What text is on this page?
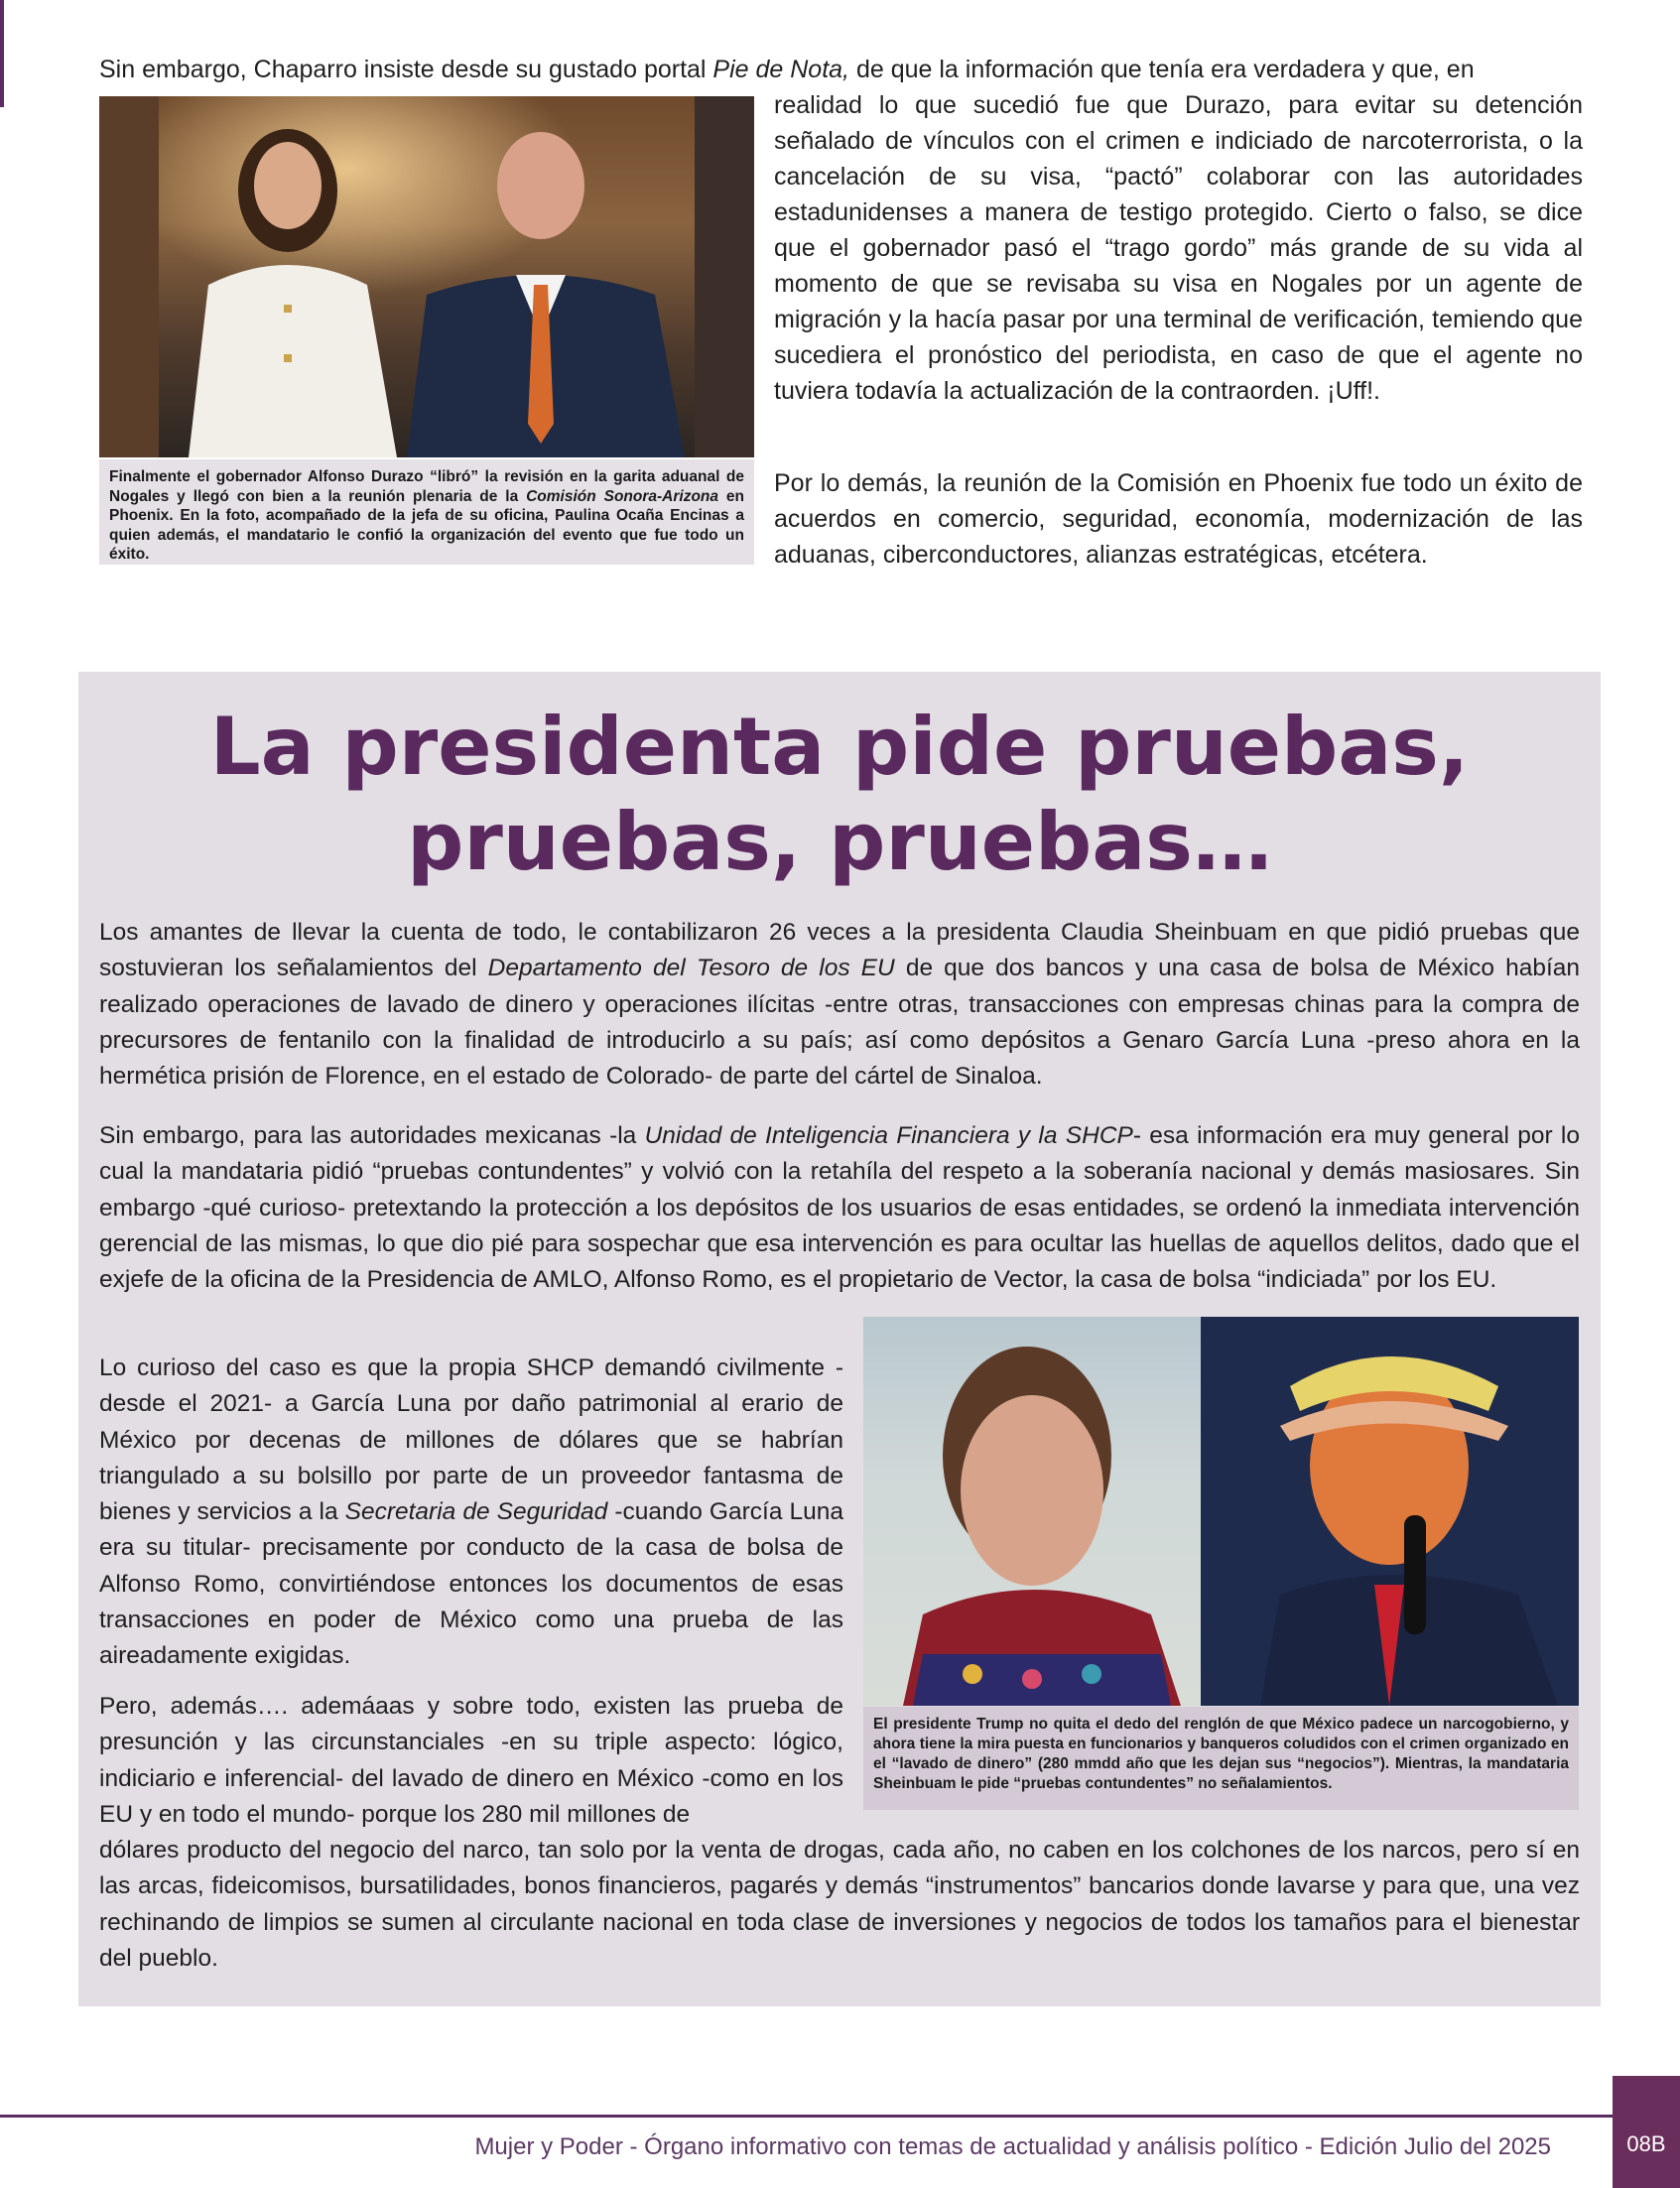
Sin embargo, Chaparro insiste desde su gustado portal Pie de Nota, de que la información que tenía era verdadera y que, en

Finalmente el gobernador Alfonso Durazo “libró” la revisión en la garita aduanal de Nogales y llegó con bien a la reunión plenaria de la Comisión Sonora-Arizona en Phoenix. En la foto, acompañado de la jefa de su oficina, Paulina Ocaña Encinas a quien además, el mandatario le confió la organización del evento que fue todo un éxito.

realidad lo que sucedió fue que Durazo, para evitar su detención señalado de vínculos con el crimen e indiciado de narcoterrorista, o la cancelación de su visa, “pactó” colaborar con las autoridades estadunidenses a manera de testigo protegido. Cierto o falso, se dice que el gobernador pasó el “trago gordo” más grande de su vida al momento de que se revisaba su visa en Nogales por un agente de migración y la hacía pasar por una terminal de verificación, temiendo que sucediera el pronóstico del periodista, en caso de que el agente no tuviera todavía la actualización de la contraorden. ¡Uff!.

Por lo demás, la reunión de la Comisión en Phoenix fue todo un éxito de acuerdos en comercio, seguridad, economía, modernización de las aduanas, ciberconductores, alianzas estratégicas, etcétera.

La presidenta pide pruebas,
pruebas, pruebas…

Los amantes de llevar la cuenta de todo, le contabilizaron 26 veces a la presidenta Claudia Sheinbuam en que pidió pruebas que sostuvieran los señalamientos del Departamento del Tesoro de los EU de que dos bancos y una casa de bolsa de México habían realizado operaciones de lavado de dinero y operaciones ilícitas -entre otras, transacciones con empresas chinas para la compra de precursores de fentanilo con la finalidad de introducirlo a su país; así como depósitos a Genaro García Luna -preso ahora en la hermética prisión de Florence, en el estado de Colorado- de parte del cártel de Sinaloa.

Sin embargo, para las autoridades mexicanas -la Unidad de Inteligencia Financiera y la SHCP- esa información era muy general por lo cual la mandataria pidió “pruebas contundentes” y volvió con la retahíla del respeto a la soberanía nacional y demás masiosares. Sin embargo -qué curioso- pretextando la protección a los depósitos de los usuarios de esas entidades, se ordenó la inmediata intervención gerencial de las mismas, lo que dio pié para sospechar que esa intervención es para ocultar las huellas de aquellos delitos, dado que el exjefe de la oficina de la Presidencia de AMLO, Alfonso Romo, es el propietario de Vector, la casa de bolsa “indiciada” por los EU.

Lo curioso del caso es que la propia SHCP demandó civilmente -desde el 2021- a García Luna por daño patrimonial al erario de México por decenas de millones de dólares que se habrían triangulado a su bolsillo por parte de un proveedor fantasma de bienes y servicios a la Secretaria de Seguridad -cuando García Luna era su titular- precisamente por conducto de la casa de bolsa de Alfonso Romo, convirtiéndose entonces los documentos de esas transacciones en poder de México como una prueba de las aireadamente exigidas.

Pero, además…. ademáaas y sobre todo, existen las prueba de presunción y las circunstanciales -en su triple aspecto: lógico, indiciario e inferencial- del lavado de dinero en México -como en los EU y en todo el mundo- porque los 280 mil millones de

dólares producto del negocio del narco, tan solo por la venta de drogas, cada año, no caben en los colchones de los narcos, pero sí en las arcas, fideicomisos, bursatilidades, bonos financieros, pagarés y demás “instrumentos” bancarios donde lavarse y para que, una vez rechinando de limpios se sumen al circulante nacional en toda clase de inversiones y negocios de todos los tamaños para el bienestar del pueblo.

El presidente Trump no quita el dedo del renglón de que México padece un narcogobierno, y ahora tiene la mira puesta en funcionarios y banqueros coludidos con el crimen organizado en el “lavado de dinero” (280 mmdd año que les dejan sus “negocios”). Mientras, la mandataria Sheinbuam le pide “pruebas contundentes” no señalamientos.
Mujer y Poder - Órgano informativo con temas de actualidad y análisis político - Edición Julio del 2025	08B
